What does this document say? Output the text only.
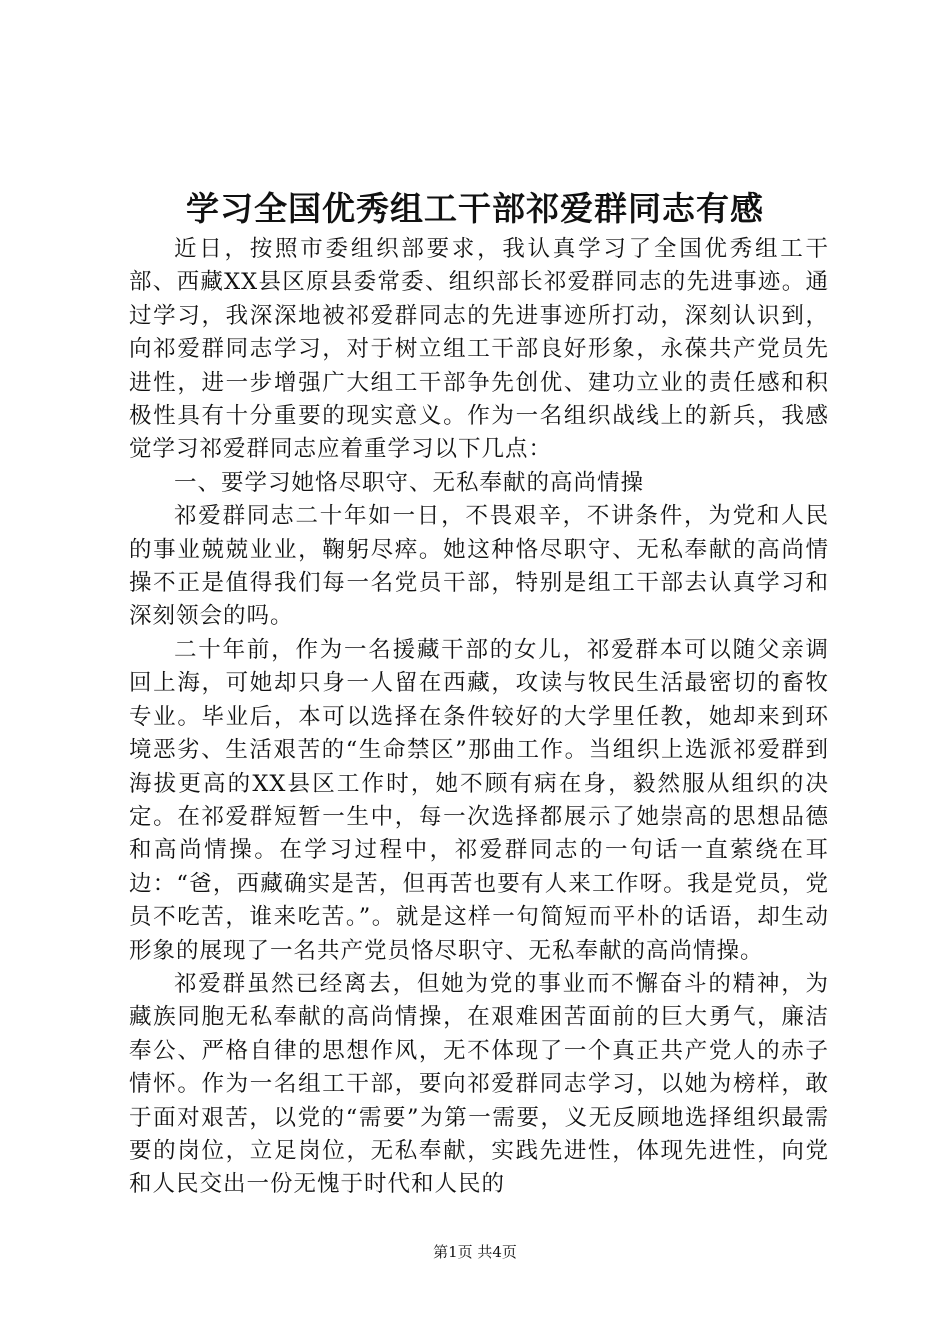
学习全国优秀组工干部祁爱群同志有感

近日，按照市委组织部要求，我认真学习了全国优秀组工干部、西藏XX县区原县委常委、组织部长祁爱群同志的先进事迹。通过学习，我深深地被祁爱群同志的先进事迹所打动，深刻认识到，向祁爱群同志学习，对于树立组工干部良好形象，永葆共产党员先进性，进一步增强广大组工干部争先创优、建功立业的责任感和积极性具有十分重要的现实意义。作为一名组织战线上的新兵，我感觉学习祁爱群同志应着重学习以下几点：

一、要学习她恪尽职守、无私奉献的高尚情操

祁爱群同志二十年如一日，不畏艰辛，不讲条件，为党和人民的事业兢兢业业，鞠躬尽瘁。她这种恪尽职守、无私奉献的高尚情操不正是值得我们每一名党员干部，特别是组工干部去认真学习和深刻领会的吗。

二十年前，作为一名援藏干部的女儿，祁爱群本可以随父亲调回上海，可她却只身一人留在西藏，攻读与牧民生活最密切的畜牧专业。毕业后，本可以选择在条件较好的大学里任教，她却来到环境恶劣、生活艰苦的“生命禁区”那曲工作。当组织上选派祁爱群到海拔更高的XX县区工作时，她不顾有病在身，毅然服从组织的决定。在祁爱群短暂一生中，每一次选择都展示了她崇高的思想品德和高尚情操。在学习过程中，祁爱群同志的一句话一直萦绕在耳边：“爸，西藏确实是苦，但再苦也要有人来工作呀。我是党员，党员不吃苦，谁来吃苦。”。就是这样一句简短而平朴的话语，却生动形象的展现了一名共产党员恪尽职守、无私奉献的高尚情操。

祁爱群虽然已经离去，但她为党的事业而不懈奋斗的精神，为藏族同胞无私奉献的高尚情操，在艰难困苦面前的巨大勇气，廉洁奉公、严格自律的思想作风，无不体现了一个真正共产党人的赤子情怀。作为一名组工干部，要向祁爱群同志学习，以她为榜样，敢于面对艰苦，以党的“需要”为第一需要，义无反顾地选择组织最需要的岗位，立足岗位，无私奉献，实践先进性，体现先进性，向党和人民交出一份无愧于时代和人民的

第1页 共4页
